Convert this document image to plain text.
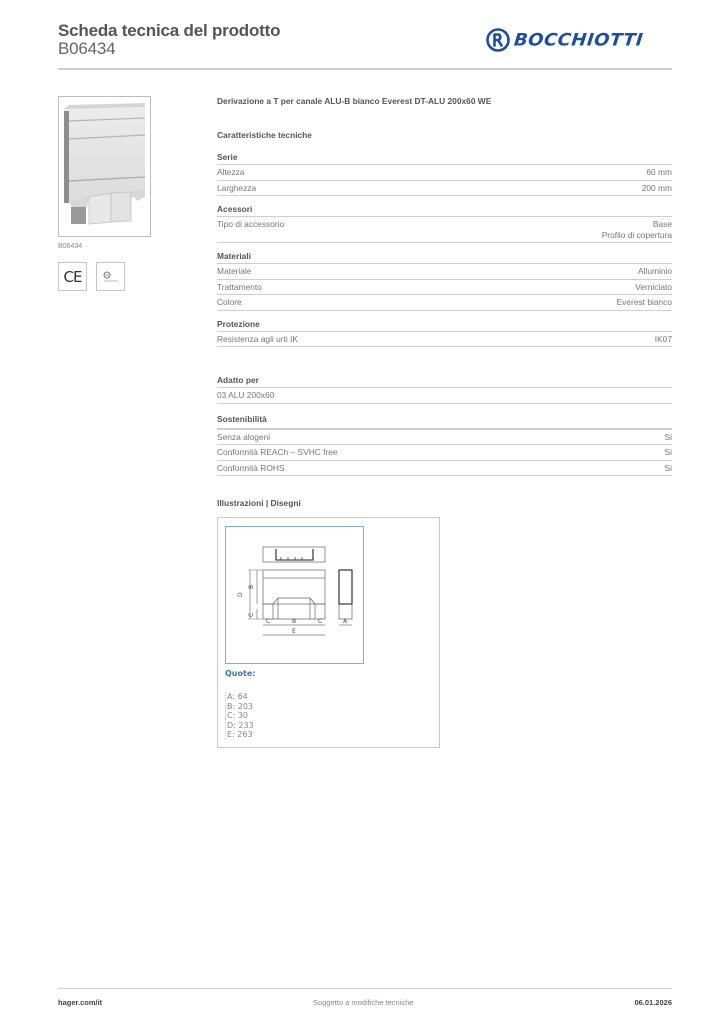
Scheda tecnica del prodotto
B06434	BOCCHIOTTI
B06434
CE
Derivazione a T per canale ALU-B bianco Everest DT-ALU 200x60 WE
Caratteristiche tecniche
Serie
Altezza	60 mm
Larghezza	200 mm
Acessori
Tipo di accessorio	Base
Profilo di copertura
Materiali
Materiale	Alluminio
Trattamento	Verniciato
Colore	Everest bianco
Protezione
Resistenza agli urti IK	IK07
Adatto per
03 ALU 200x60
Sostenibilità
Senza alogeni	Si
Conformità REACh – SVHC free	Si
Conformità ROHS	Si
Illustrazioni | Disegni
D
B
C
C	B	C
E
A
Quote:
A: 64
B: 203
C: 30
D: 233
E: 263
hager.com/it	Soggetto a modifiche tecniche	06.01.2026
